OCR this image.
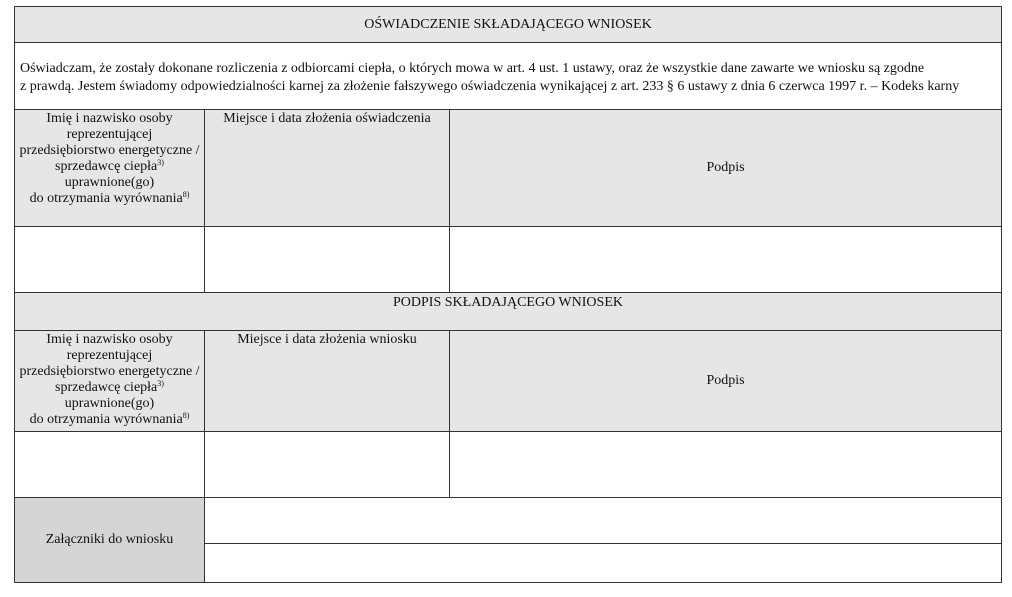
OŚWIADCZENIE SKŁADAJĄCEGO WNIOSEK
Oświadczam, że zostały dokonane rozliczenia z odbiorcami ciepła, o których mowa w art. 4 ust. 1 ustawy, oraz że wszystkie dane zawarte we wniosku są zgodne
z prawdą. Jestem świadomy odpowiedzialności karnej za złożenie fałszywego oświadczenia wynikającej z art. 233 § 6 ustawy z dnia 6 czerwca 1997 r. – Kodeks karny
Imię i nazwisko osoby
reprezentującej
przedsiębiorstwo energetyczne /
sprzedawcę ciepła$^{3)}$
uprawnione(go)
do otrzymania wyrównania$^{8)}$
Miejsce i data złożenia oświadczenia
Podpis
PODPIS SKŁADAJĄCEGO WNIOSEK
Imię i nazwisko osoby
reprezentującej
przedsiębiorstwo energetyczne /
sprzedawcę ciepła$^{3)}$
uprawnione(go)
do otrzymania wyrównania$^{8)}$
Miejsce i data złożenia wniosku
Podpis
Załączniki do wniosku
